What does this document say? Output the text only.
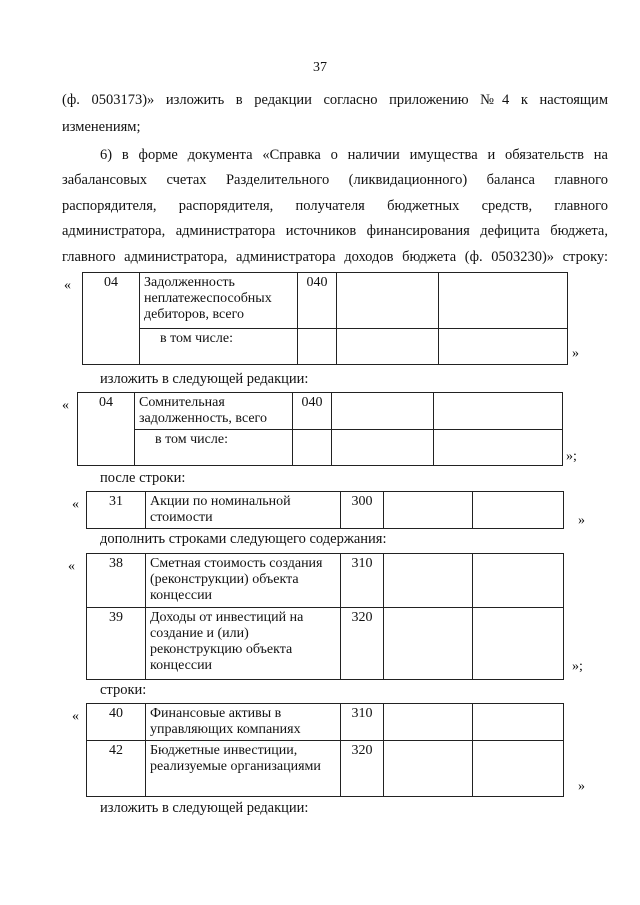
37
(ф. 0503173)» изложить в редакции согласно приложению №4 к настоящим
изменениям;
6) в форме документа «Справка о наличии имущества и обязательств на
забалансовых счетах Разделительного (ликвидационного) баланса главного
распорядителя, распорядителя, получателя бюджетных средств, главного
администратора, администратора источников финансирования дефицита бюджета,
главного администратора, администратора доходов бюджета (ф. 0503230)» строку:
« 04	Задолженность неплатежеспособных дебиторов, всего	040		
	в том числе:			
»
изложить в следующей редакции:
« 04	Сомнительная задолженность, всего	040		
	в том числе:			
»;
после строки:
« 31	Акции по номинальной стоимости	300		
»
дополнить строками следующего содержания:
« 38	Сметная стоимость создания (реконструкции) объекта концессии	310		
39	Доходы от инвестиций на создание и (или) реконструкцию объекта концессии	320		
»;
строки:
« 40	Финансовые активы в управляющих компаниях	310		
42	Бюджетные инвестиции, реализуемые организациями	320		
»
изложить в следующей редакции:
